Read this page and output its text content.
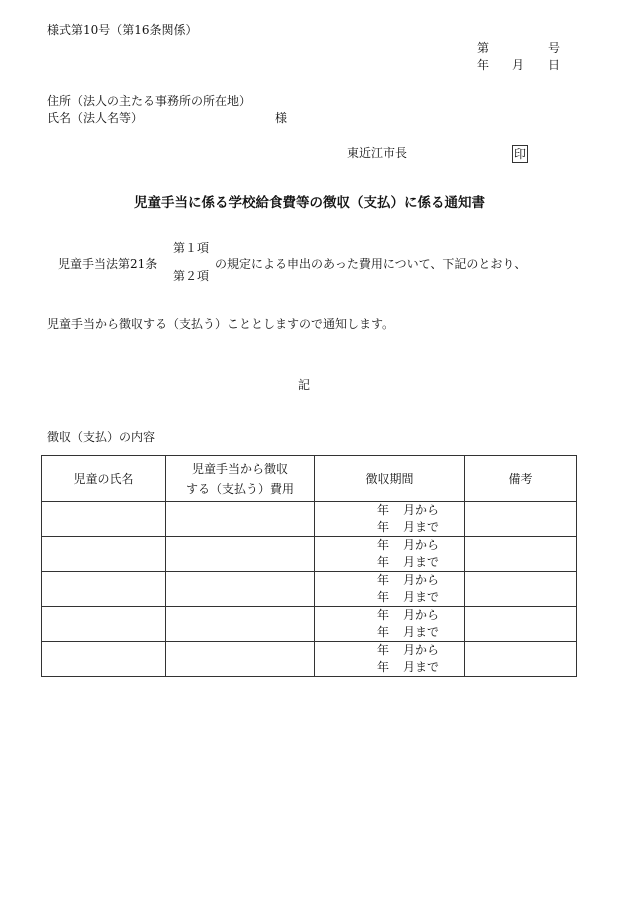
様式第10号（第16条関係）
第	号
年 月 日
住所（法人の主たる事務所の所在地）
氏名（法人名等）	様
東近江市長	印
児童手当に係る学校給食費等の徴収（支払）に係る通知書
児童手当法第21条
第１項
第２項
の規定による申出のあった費用について、下記のとおり、
児童手当から徴収する（支払う）こととしますので通知します。
記
徴収（支払）の内容
児童の氏名	児童手当から徴収
する（支払う）費用	徴収期間	備考

		年 月から
年 月まで	

		年 月から
年 月まで	

		年 月から
年 月まで	

		年 月から
年 月まで	

		年 月から
年 月まで	
